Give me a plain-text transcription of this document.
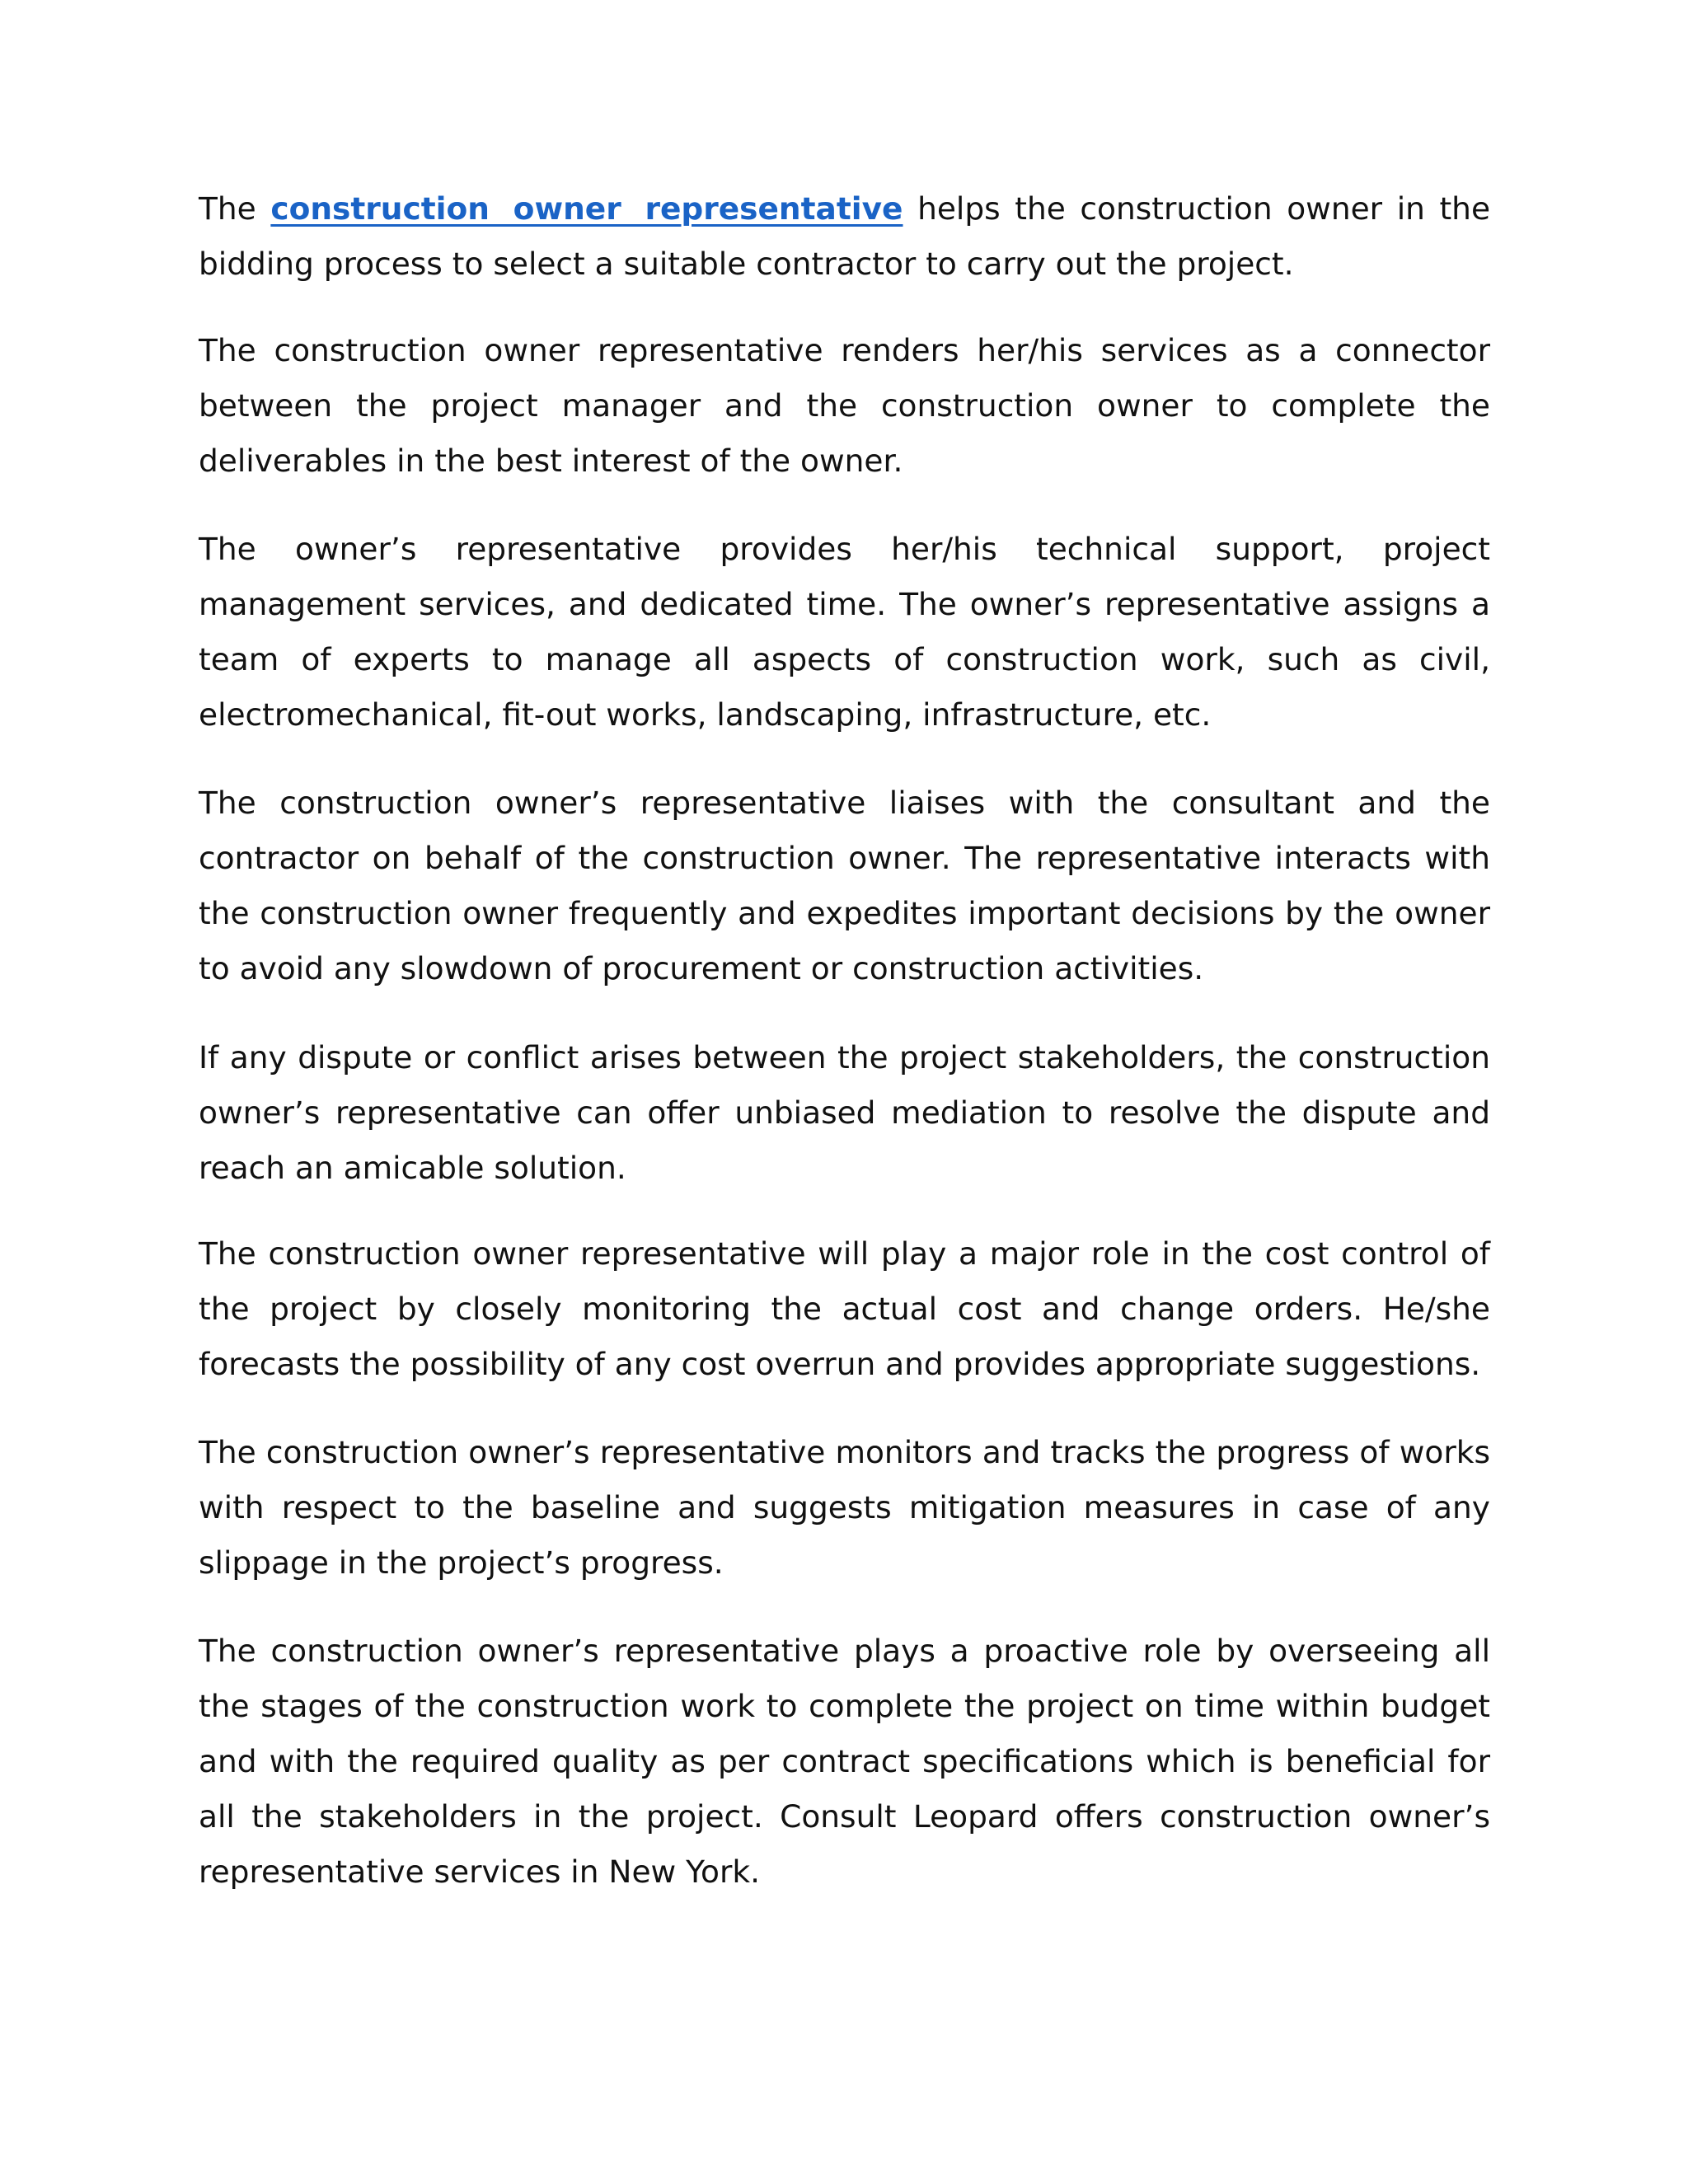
The construction owner representative helps the construction owner in the bidding process to select a suitable contractor to carry out the project.

The construction owner representative renders her/his services as a connector between the project manager and the construction owner to complete the deliverables in the best interest of the owner.

The owner’s representative provides her/his technical support, project management services, and dedicated time. The owner’s representative assigns a team of experts to manage all aspects of construction work, such as civil, electromechanical, fit-out works, landscaping, infrastructure, etc.

The construction owner’s representative liaises with the consultant and the contractor on behalf of the construction owner. The representative interacts with the construction owner frequently and expedites important decisions by the owner to avoid any slowdown of procurement or construction activities.

If any dispute or conflict arises between the project stakeholders, the construction owner’s representative can offer unbiased mediation to resolve the dispute and reach an amicable solution.

The construction owner representative will play a major role in the cost control of the project by closely monitoring the actual cost and change orders. He/she forecasts the possibility of any cost overrun and provides appropriate suggestions.

The construction owner’s representative monitors and tracks the progress of works with respect to the baseline and suggests mitigation measures in case of any slippage in the project’s progress.

The construction owner’s representative plays a proactive role by overseeing all the stages of the construction work to complete the project on time within budget and with the required quality as per contract specifications which is beneficial for all the stakeholders in the project. Consult Leopard offers construction owner’s representative services in New York.
